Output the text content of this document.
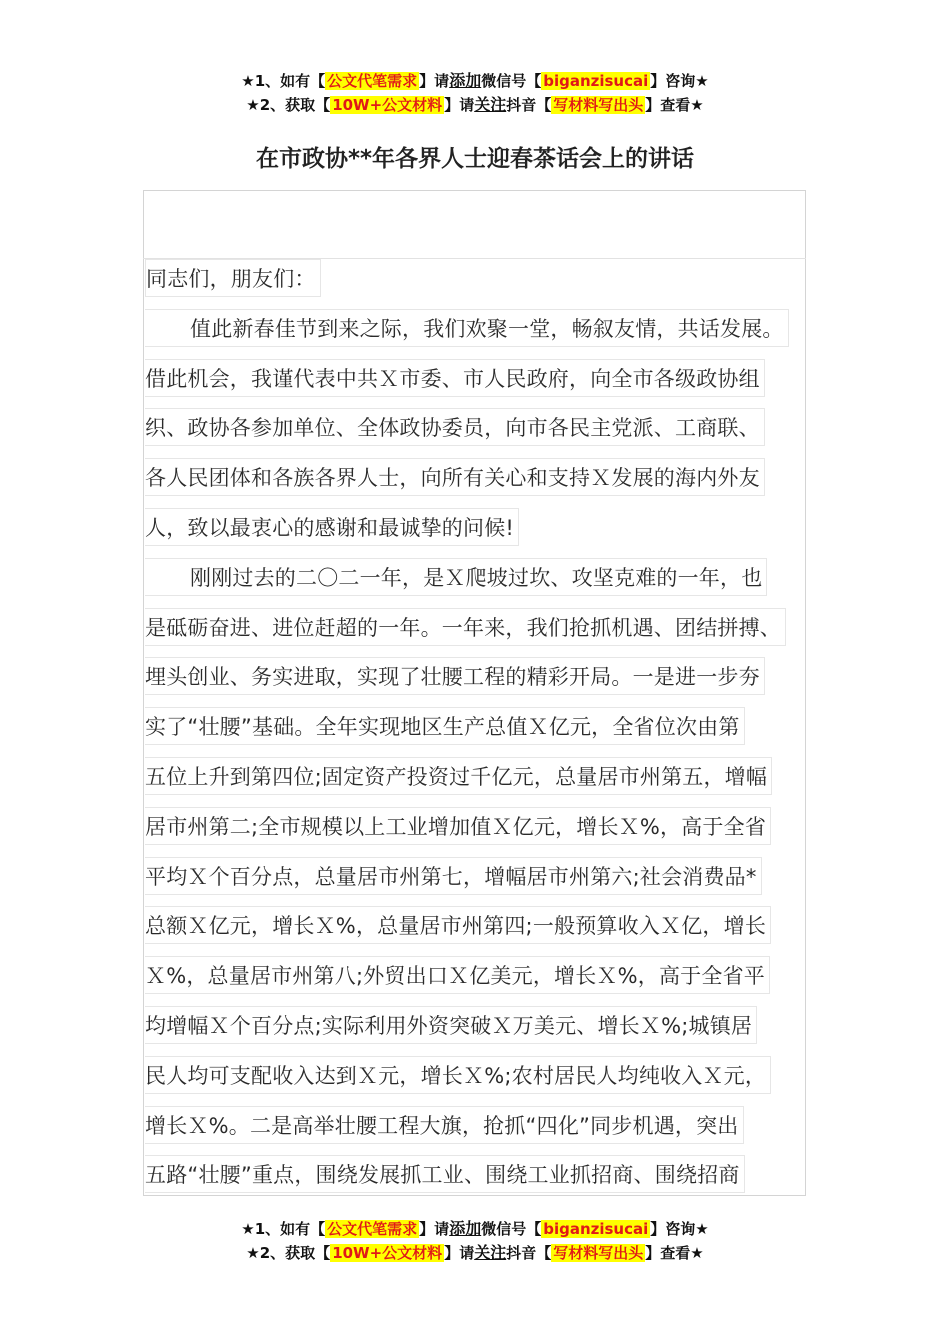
★1、如有【 公文代笔需求 】请添加微信号【 biganzisucai 】咨询★
★2、获取【 10W+公文材料 】请关注抖音【 写材料写出头 】查看★
在市政协**年各界人士迎春茶话会上的讲话
同志们，朋友们：
值此新春佳节到来之际，我们欢聚一堂，畅叙友情，共话发展。
借此机会，我谨代表中共Ｘ市委、市人民政府，向全市各级政协组
织、政协各参加单位、全体政协委员，向市各民主党派、工商联、
各人民团体和各族各界人士，向所有关心和支持Ｘ发展的海内外友
人，致以最衷心的感谢和最诚挚的问候!
刚刚过去的二〇二一年，是Ｘ爬坡过坎、攻坚克难的一年，也
是砥砺奋进、进位赶超的一年。一年来，我们抢抓机遇、团结拼搏、
埋头创业、务实进取，实现了壮腰工程的精彩开局。一是进一步夯
实了“壮腰”基础。全年实现地区生产总值Ｘ亿元，全省位次由第
五位上升到第四位;固定资产投资过千亿元，总量居市州第五，增幅
居市州第二;全市规模以上工业增加值Ｘ亿元，增长Ｘ%，高于全省
平均Ｘ个百分点，总量居市州第七，增幅居市州第六;社会消费品*
总额Ｘ亿元，增长Ｘ%，总量居市州第四;一般预算收入Ｘ亿，增长
Ｘ%，总量居市州第八;外贸出口Ｘ亿美元，增长Ｘ%，高于全省平
均增幅Ｘ个百分点;实际利用外资突破Ｘ万美元、增长Ｘ%;城镇居
民人均可支配收入达到Ｘ元，增长Ｘ%;农村居民人均纯收入Ｘ元，
增长Ｘ%。二是高举壮腰工程大旗，抢抓“四化”同步机遇，突出
五路“壮腰”重点，围绕发展抓工业、围绕工业抓招商、围绕招商
★1、如有【 公文代笔需求 】请添加微信号【 biganzisucai 】咨询★
★2、获取【 10W+公文材料 】请关注抖音【 写材料写出头 】查看★
